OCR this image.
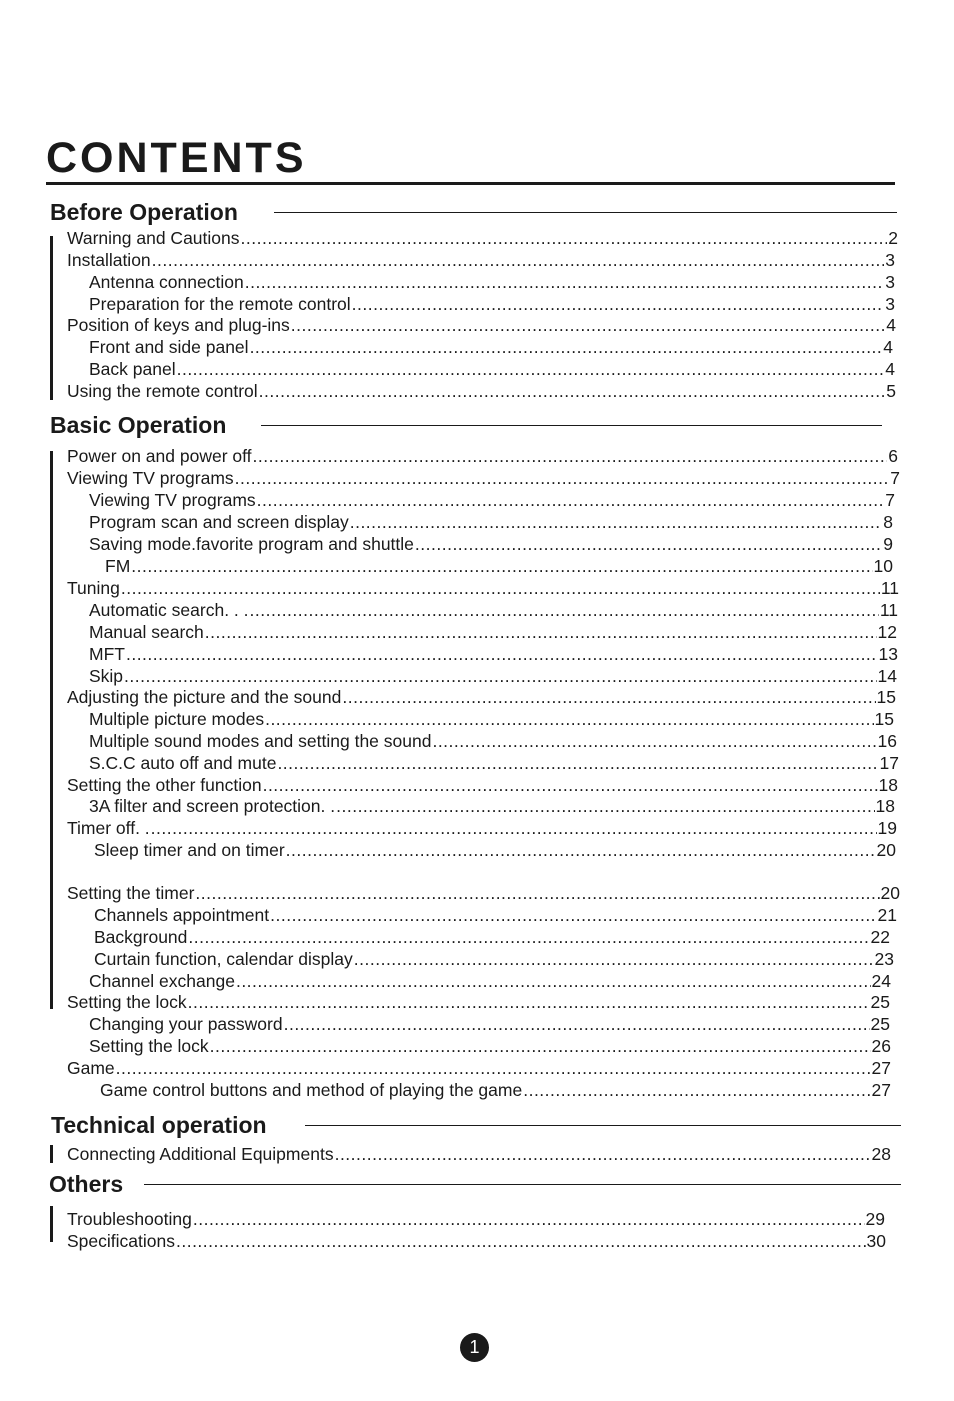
CONTENTS
Before Operation
Warning and Cautions .....	2
Installation .....	3
Antenna connection .....	3
Preparation for the remote control .....	3
Position of keys and plug-ins .....	4
Front and side panel .....	4
Back panel .....	4
Using the remote control .....	5
Basic Operation
Power on and power off .....	6
Viewing TV programs .....	7
Viewing TV programs .....	7
Program scan and screen display .....	8
Saving mode.favorite program and shuttle .....	9
FM .....	10
Tuning .....	11
Automatic search. . . .....	11
Manual search .....	12
MFT .....	13
Skip .....	14
Adjusting the picture and the sound .....	15
Multiple picture modes .....	15
Multiple sound modes and setting the sound .....	16
S.C.C auto off and mute .....	17
Setting the other function .....	18
3A filter and screen protection. . .....	18
Timer off. . .....	19
Sleep timer and on timer .....	20
Setting the timer .....	20
Channels appointment .....	21
Background .....	22
Curtain function, calendar display .....	23
Channel exchange .....	24
Setting the lock .....	25
Changing your password .....	25
Setting the lock .....	26
Game .....	27
Game control buttons and method of playing the game .....	27
Technical operation
Connecting Additional Equipments .....	28
Others
Troubleshooting .....	29
Specifications .....	30
1
